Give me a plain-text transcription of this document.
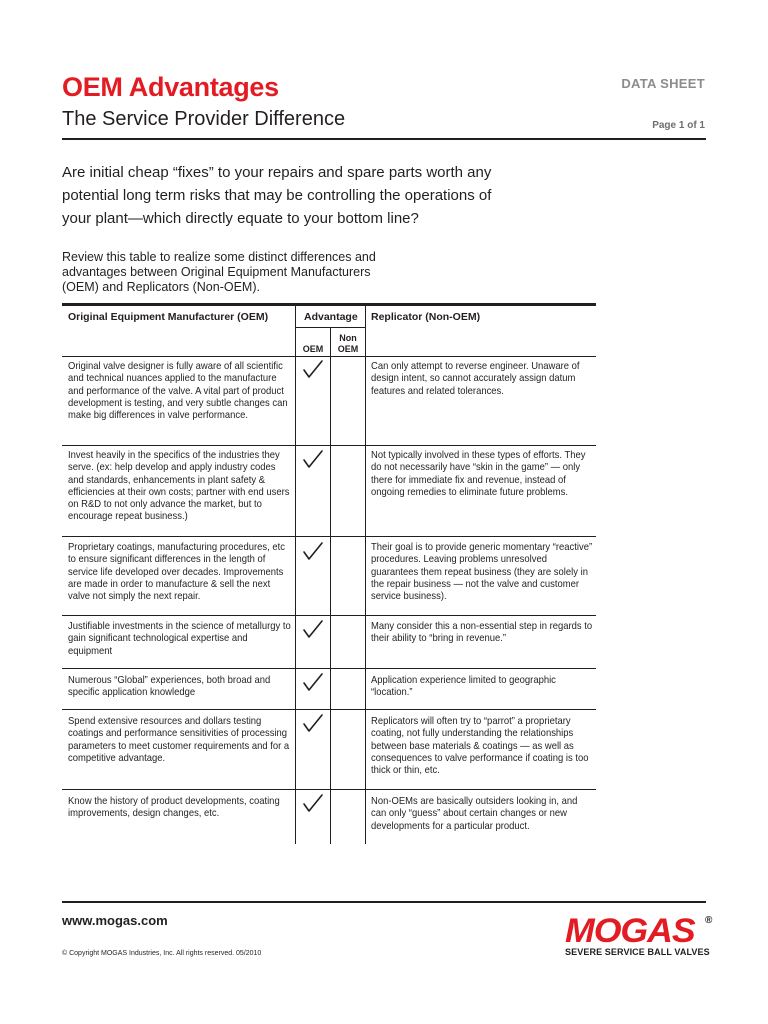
OEM Advantages
The Service Provider Difference
DATA SHEET
Page 1 of 1
Are initial cheap “fixes” to your repairs and spare parts worth any potential long term risks that may be controlling the operations of your plant—which directly equate to your bottom line?
Review this table to realize some distinct differences and advantages between Original Equipment Manufacturers (OEM) and Replicators (Non-OEM).
Original Equipment Manufacturer (OEM)	Advantage Replicator (Non-OEM)
OEM
Non
OEM
Original valve designer is fully aware of all scientific and technical nuances applied to the manufacture and performance of the valve. A vital part of product development is testing, and very subtle changes can make big differences in valve performance.
Can only attempt to reverse engineer. Unaware of design intent, so cannot accurately assign datum features and related tolerances.
Invest heavily in the specifics of the industries they serve. (ex: help develop and apply industry codes and standards, enhancements in plant safety & efficiencies at their own costs; partner with end users on R&D to not only advance the market, but to encourage repeat business.)
Not typically involved in these types of efforts. They do not necessarily have “skin in the game” — only there for immediate fix and revenue, instead of ongoing remedies to eliminate future problems.
Proprietary coatings, manufacturing procedures, etc to ensure significant differences in the length of service life developed over decades. Improvements are made in order to manufacture & sell the next valve not simply the next repair.
Their goal is to provide generic momentary “reactive” procedures. Leaving problems unresolved guarantees them repeat business (they are solely in the repair business — not the valve and customer service business).
Justifiable investments in the science of metallurgy to gain significant technological expertise and equipment
Many consider this a non-essential step in regards to their ability to “bring in revenue.”
Numerous “Global” experiences, both broad and specific application knowledge
Application experience limited to geographic “location.”
Spend extensive resources and dollars testing coatings and performance sensitivities of processing parameters to meet customer requirements and for a competitive advantage.
Replicators will often try to “parrot” a proprietary coating, not fully understanding the relationships between base materials & coatings — as well as consequences to valve performance if coating is too thick or thin, etc.
Know the history of product developments, coating improvements, design changes, etc.
Non-OEMs are basically outsiders looking in, and can only “guess” about certain changes or new developments for a particular product.
www.mogas.com
© Copyright MOGAS Industries, Inc. All rights reserved. 05/2010
MOGAS ®
SEVERE SERVICE BALL VALVES
